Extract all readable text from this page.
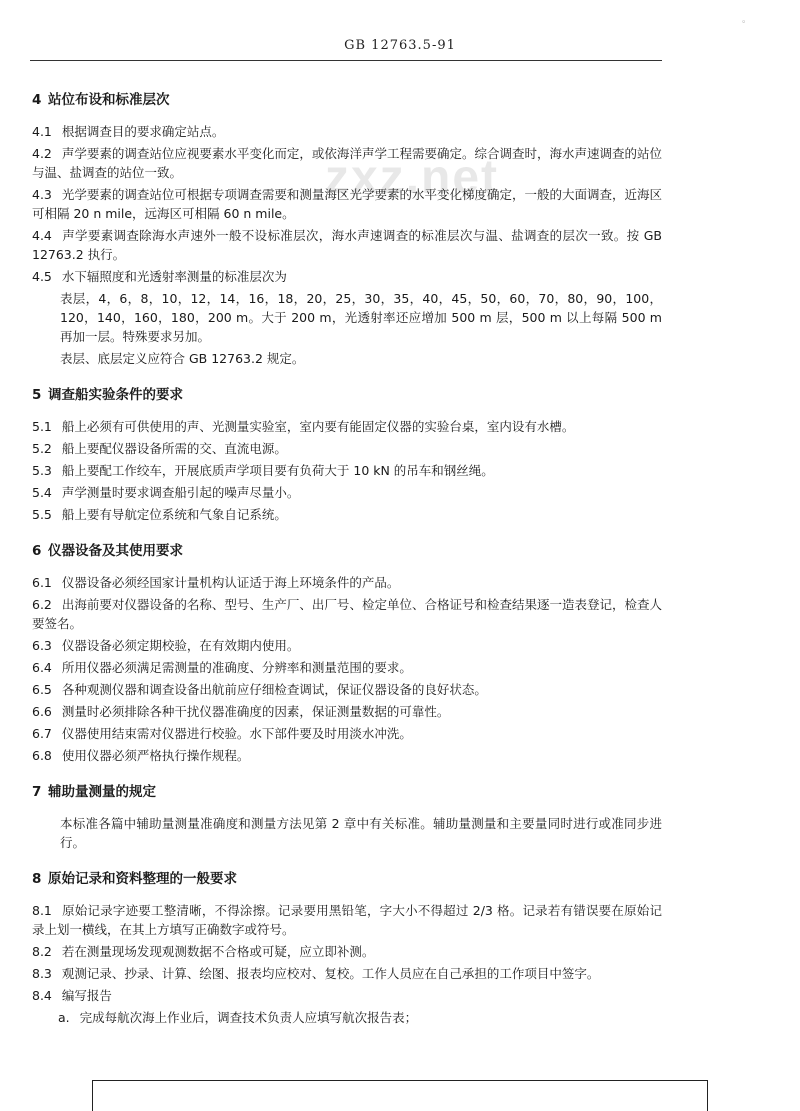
。
GB 12763.5-91
zxz.net
4 站位布设和标准层次
4.1 根据调查目的要求确定站点。
4.2 声学要素的调查站位应视要素水平变化而定，或依海洋声学工程需要确定。综合调查时，海水声速调查的站位与温、盐调查的站位一致。
4.3 光学要素的调查站位可根据专项调查需要和测量海区光学要素的水平变化梯度确定，一般的大面调查，近海区可相隔 20 n mile，远海区可相隔 60 n mile。
4.4 声学要素调查除海水声速外一般不设标准层次，海水声速调查的标准层次与温、盐调查的层次一致。按 GB 12763.2 执行。
4.5 水下辐照度和光透射率测量的标准层次为
表层，4，6，8，10，12，14，16，18，20，25，30，35，40，45，50，60，70，80，90，100，120，140，160，180，200 m。大于 200 m，光透射率还应增加 500 m 层，500 m 以上每隔 500 m 再加一层。特殊要求另加。
表层、底层定义应符合 GB 12763.2 规定。
5 调查船实验条件的要求
5.1 船上必须有可供使用的声、光测量实验室，室内要有能固定仪器的实验台桌，室内设有水槽。
5.2 船上要配仪器设备所需的交、直流电源。
5.3 船上要配工作绞车，开展底质声学项目要有负荷大于 10 kN 的吊车和钢丝绳。
5.4 声学测量时要求调查船引起的噪声尽量小。
5.5 船上要有导航定位系统和气象自记系统。
6 仪器设备及其使用要求
6.1 仪器设备必须经国家计量机构认证适于海上环境条件的产品。
6.2 出海前要对仪器设备的名称、型号、生产厂、出厂号、检定单位、合格证号和检查结果逐一造表登记，检查人要签名。
6.3 仪器设备必须定期校验，在有效期内使用。
6.4 所用仪器必须满足需测量的准确度、分辨率和测量范围的要求。
6.5 各种观测仪器和调查设备出航前应仔细检查调试，保证仪器设备的良好状态。
6.6 测量时必须排除各种干扰仪器准确度的因素，保证测量数据的可靠性。
6.7 仪器使用结束需对仪器进行校验。水下部件要及时用淡水冲洗。
6.8 使用仪器必须严格执行操作规程。
7 辅助量测量的规定
本标准各篇中辅助量测量准确度和测量方法见第 2 章中有关标准。辅助量测量和主要量同时进行或准同步进行。
8 原始记录和资料整理的一般要求
8.1 原始记录字迹要工整清晰，不得涂擦。记录要用黑铅笔，字大小不得超过 2/3 格。记录若有错误要在原始记录上划一横线，在其上方填写正确数字或符号。
8.2 若在测量现场发现观测数据不合格或可疑，应立即补测。
8.3 观测记录、抄录、计算、绘图、报表均应校对、复校。工作人员应在自己承担的工作项目中签字。
8.4 编写报告
a. 完成每航次海上作业后，调查技术负责人应填写航次报告表；
